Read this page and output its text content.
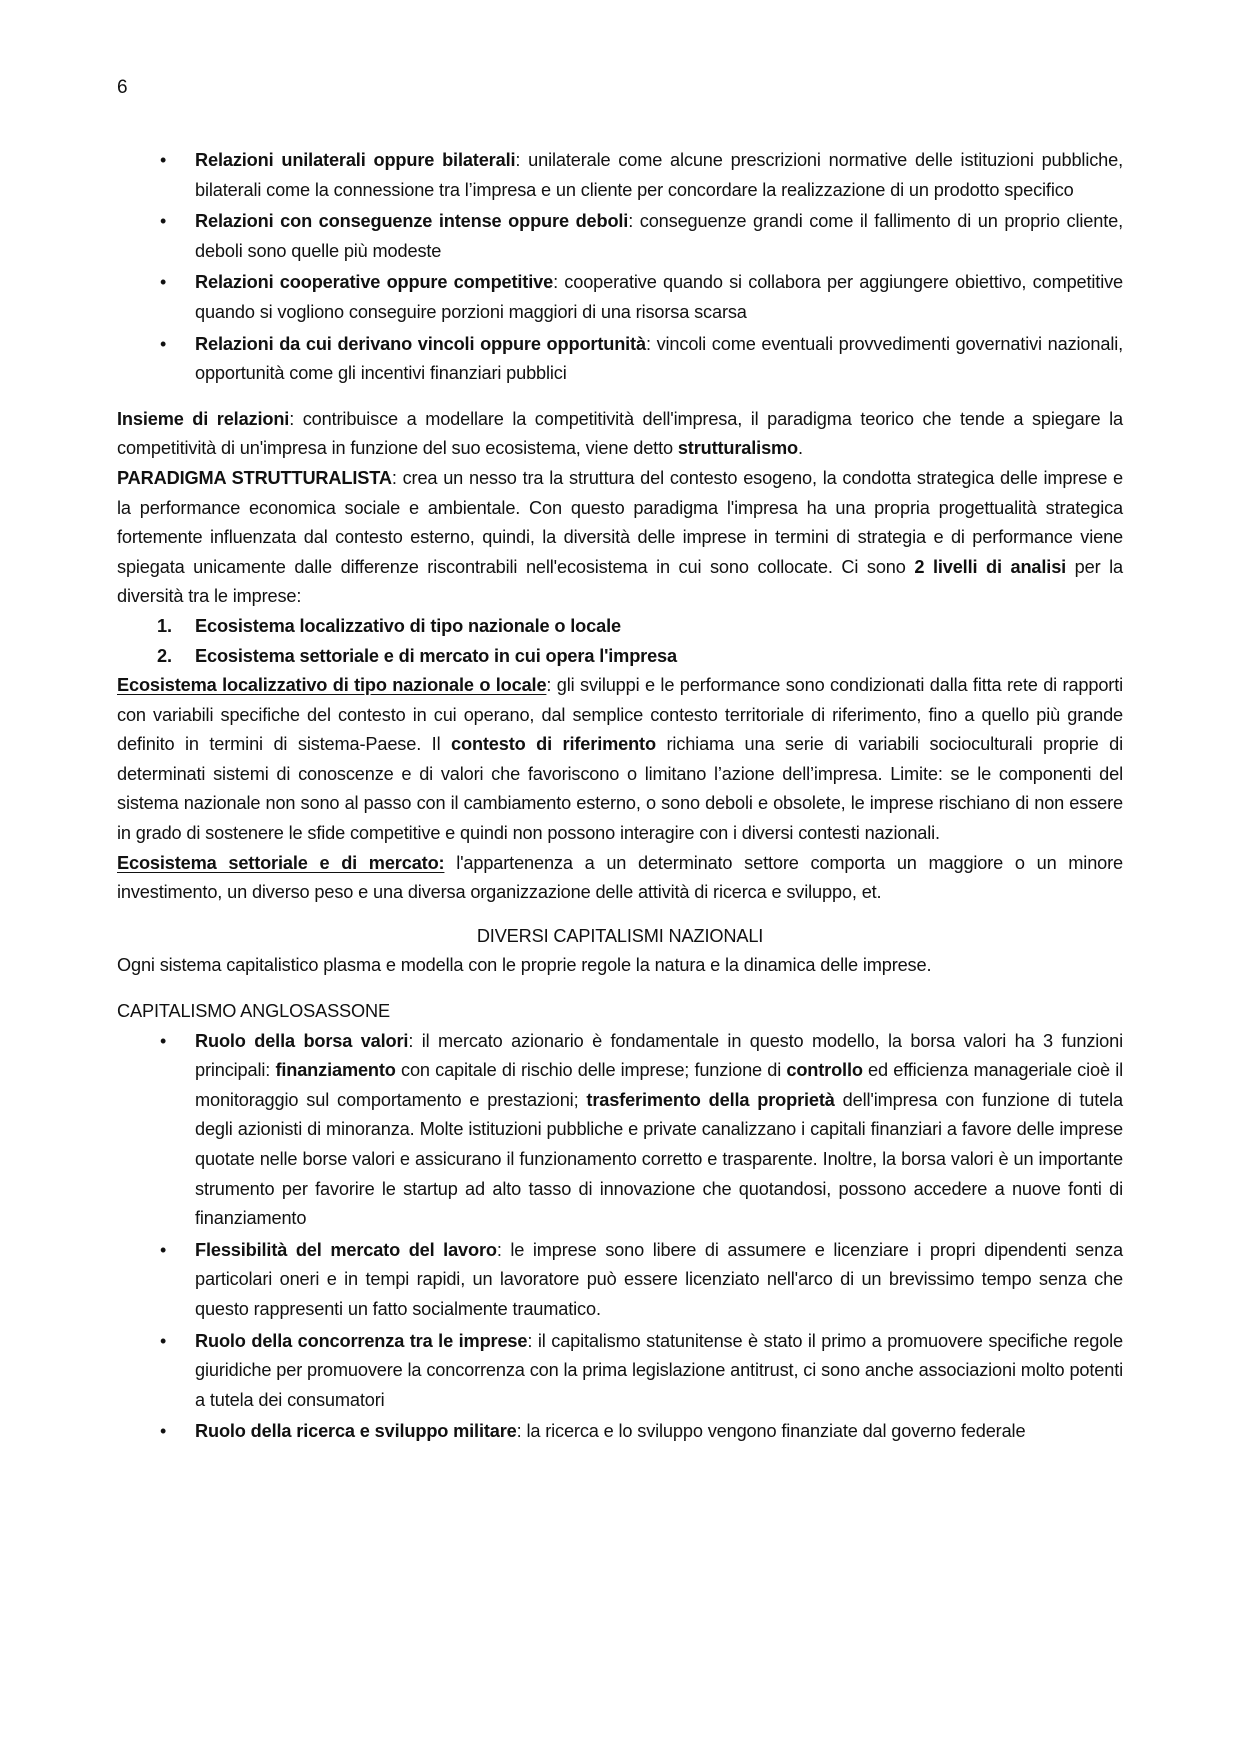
6
• Relazioni unilaterali oppure bilaterali: unilaterale come alcune prescrizioni normative delle istituzioni pubbliche, bilaterali come la connessione tra l’impresa e un cliente per concordare la realizzazione di un prodotto specifico
• Relazioni con conseguenze intense oppure deboli: conseguenze grandi come il fallimento di un proprio cliente, deboli sono quelle più modeste
• Relazioni cooperative oppure competitive: cooperative quando si collabora per aggiungere obiettivo, competitive quando si vogliono conseguire porzioni maggiori di una risorsa scarsa
• Relazioni da cui derivano vincoli oppure opportunità: vincoli come eventuali provvedimenti governativi nazionali, opportunità come gli incentivi finanziari pubblici

Insieme di relazioni: contribuisce a modellare la competitività dell'impresa, il paradigma teorico che tende a spiegare la competitività di un'impresa in funzione del suo ecosistema, viene detto strutturalismo.

PARADIGMA STRUTTURALISTA: crea un nesso tra la struttura del contesto esogeno, la condotta strategica delle imprese e la performance economica sociale e ambientale. Con questo paradigma l'impresa ha una propria progettualità strategica fortemente influenzata dal contesto esterno, quindi, la diversità delle imprese in termini di strategia e di performance viene spiegata unicamente dalle differenze riscontrabili nell'ecosistema in cui sono collocate. Ci sono 2 livelli di analisi per la diversità tra le imprese:

1. Ecosistema localizzativo di tipo nazionale o locale
2. Ecosistema settoriale e di mercato in cui opera l'impresa

Ecosistema localizzativo di tipo nazionale o locale: gli sviluppi e le performance sono condizionati dalla fitta rete di rapporti con variabili specifiche del contesto in cui operano, dal semplice contesto territoriale di riferimento, fino a quello più grande definito in termini di sistema-Paese. Il contesto di riferimento richiama una serie di variabili socioculturali proprie di determinati sistemi di conoscenze e di valori che favoriscono o limitano l’azione dell’impresa. Limite: se le componenti del sistema nazionale non sono al passo con il cambiamento esterno, o sono deboli e obsolete, le imprese rischiano di non essere in grado di sostenere le sfide competitive e quindi non possono interagire con i diversi contesti nazionali.

Ecosistema settoriale e di mercato: l'appartenenza a un determinato settore comporta un maggiore o un minore investimento, un diverso peso e una diversa organizzazione delle attività di ricerca e sviluppo, et.

DIVERSI CAPITALISMI NAZIONALI

Ogni sistema capitalistico plasma e modella con le proprie regole la natura e la dinamica delle imprese.

CAPITALISMO ANGLOSASSONE

• Ruolo della borsa valori: il mercato azionario è fondamentale in questo modello, la borsa valori ha 3 funzioni principali: finanziamento con capitale di rischio delle imprese; funzione di controllo ed efficienza manageriale cioè il monitoraggio sul comportamento e prestazioni; trasferimento della proprietà dell'impresa con funzione di tutela degli azionisti di minoranza. Molte istituzioni pubbliche e private canalizzano i capitali finanziari a favore delle imprese quotate nelle borse valori e assicurano il funzionamento corretto e trasparente. Inoltre, la borsa valori è un importante strumento per favorire le startup ad alto tasso di innovazione che quotandosi, possono accedere a nuove fonti di finanziamento
• Flessibilità del mercato del lavoro: le imprese sono libere di assumere e licenziare i propri dipendenti senza particolari oneri e in tempi rapidi, un lavoratore può essere licenziato nell'arco di un brevissimo tempo senza che questo rappresenti un fatto socialmente traumatico.
• Ruolo della concorrenza tra le imprese: il capitalismo statunitense è stato il primo a promuovere specifiche regole giuridiche per promuovere la concorrenza con la prima legislazione antitrust, ci sono anche associazioni molto potenti a tutela dei consumatori
• Ruolo della ricerca e sviluppo militare: la ricerca e lo sviluppo vengono finanziate dal governo federale
